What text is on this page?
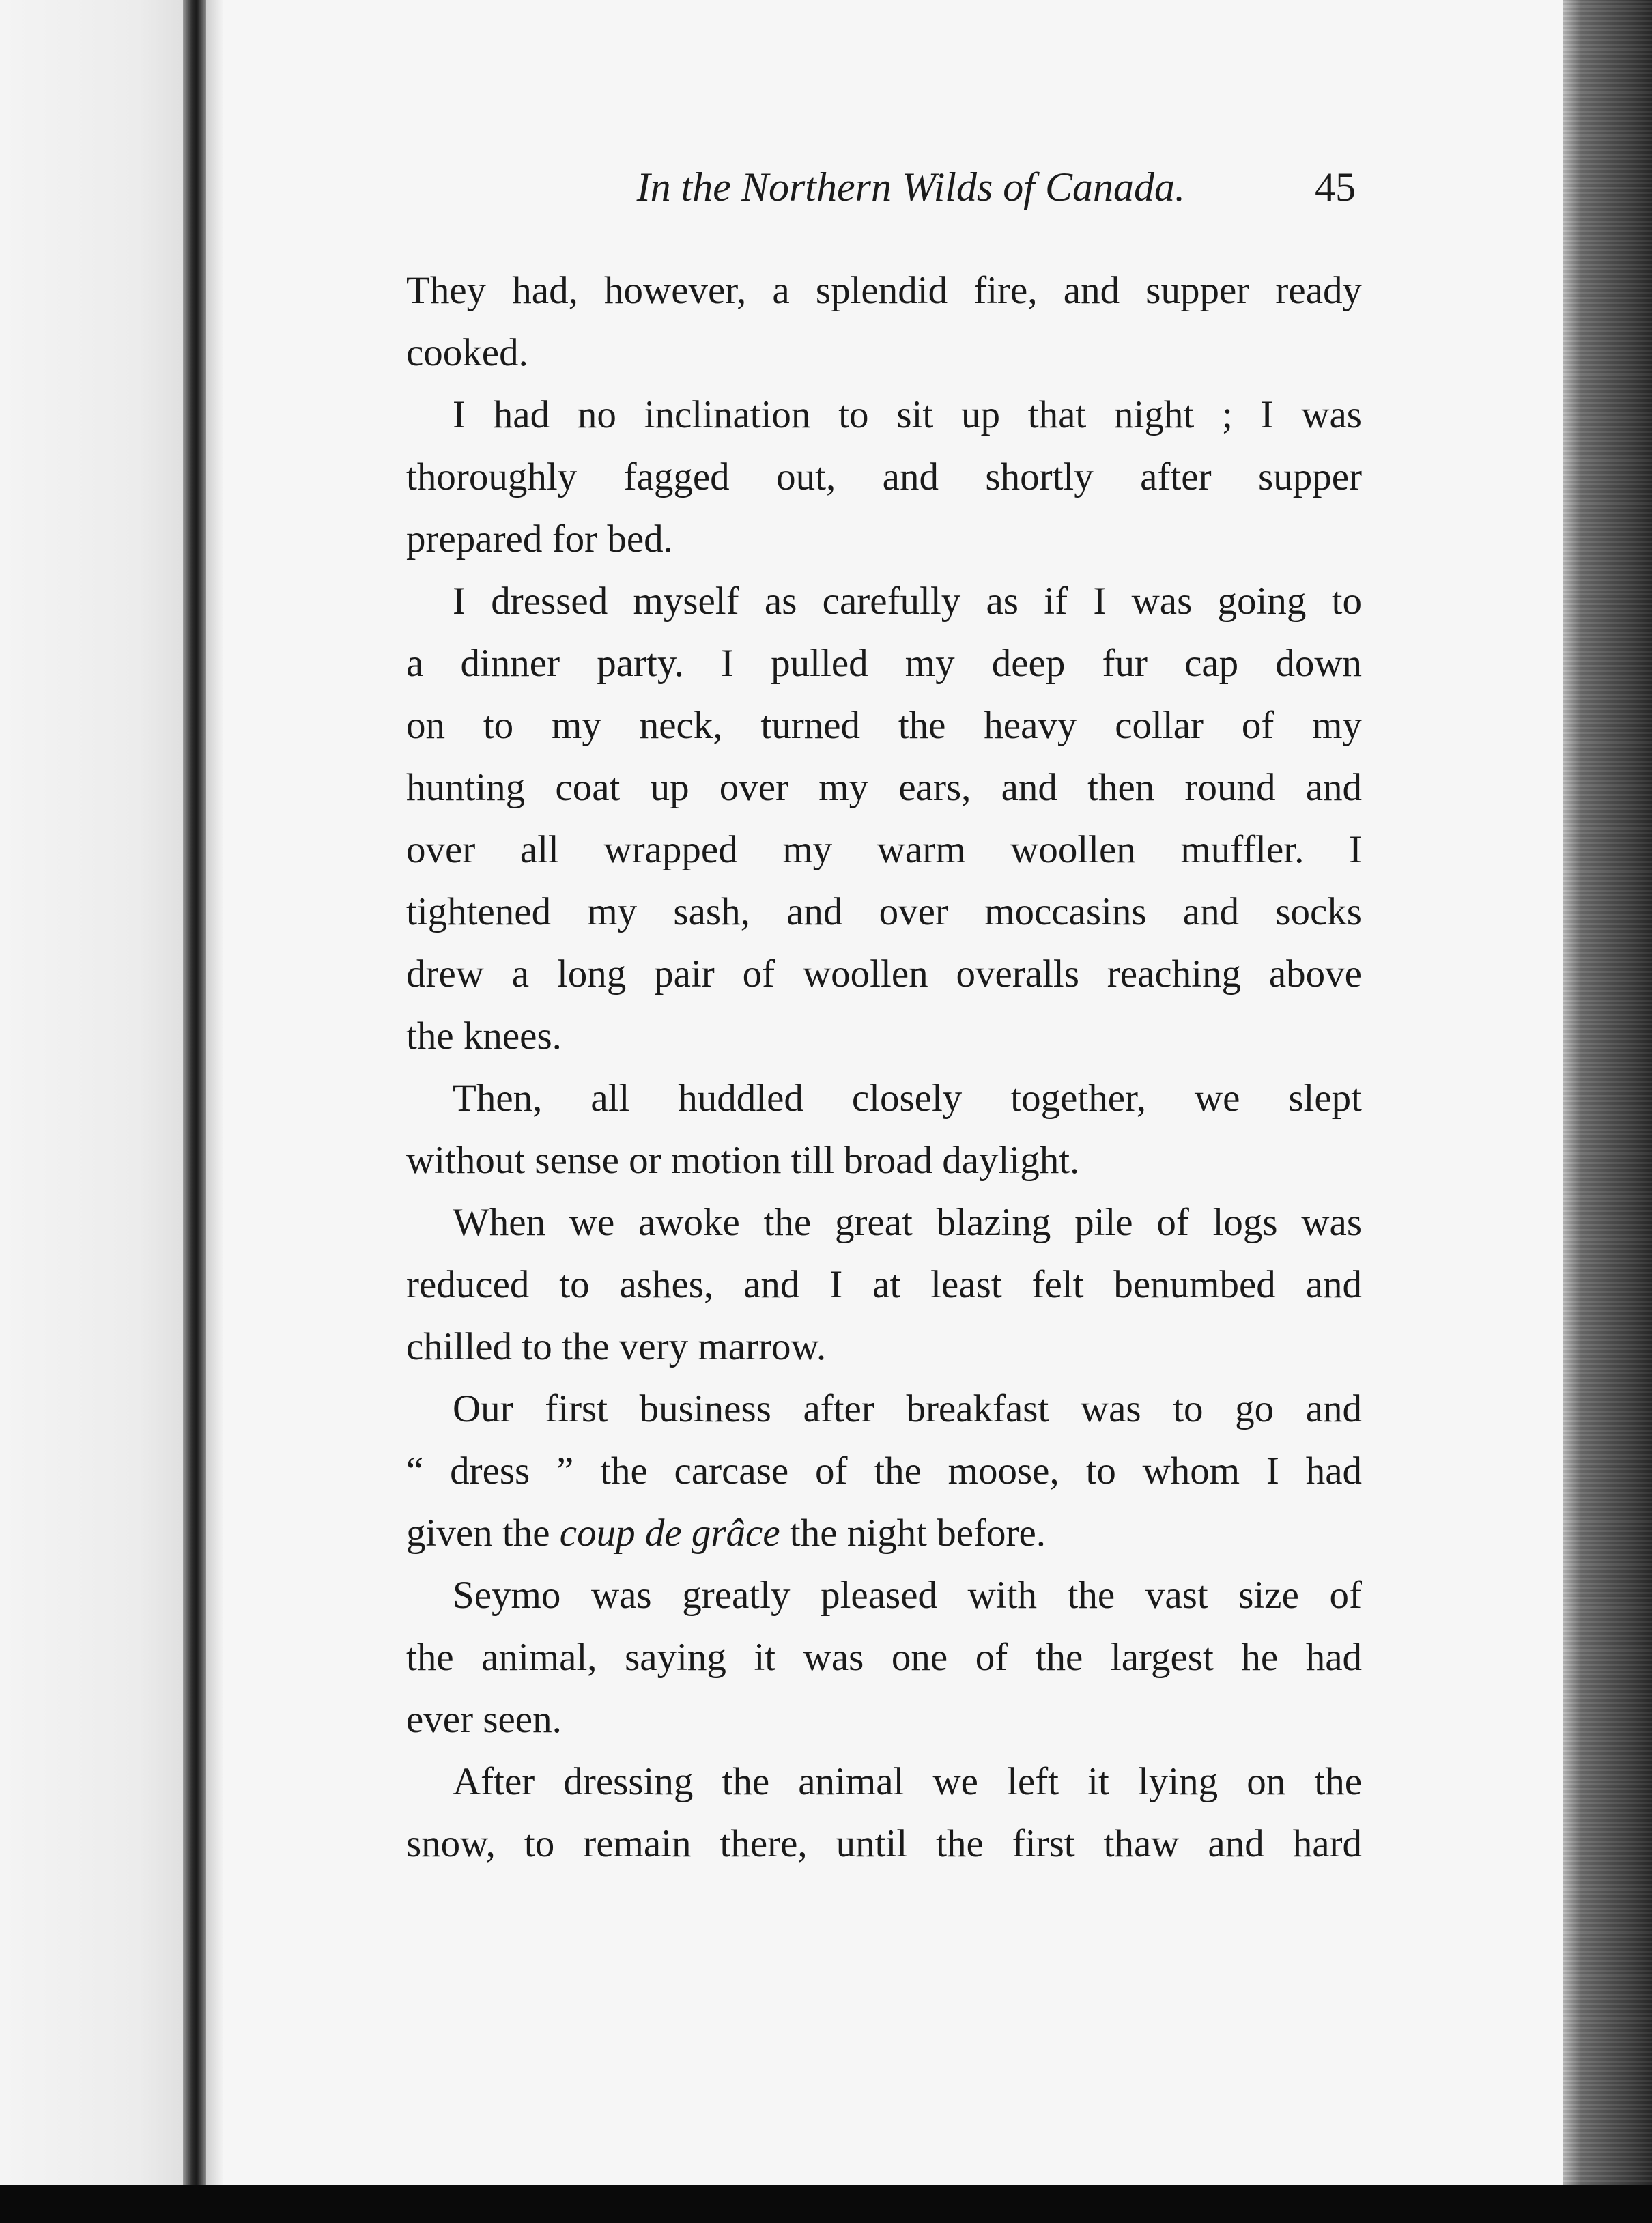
In the Northern Wilds of Canada.	45
They had, however, a splendid fire, and supper ready
cooked.
I had no inclination to sit up that night ; I was
thoroughly fagged out, and shortly after supper
prepared for bed.
I dressed myself as carefully as if I was going to
a dinner party. I pulled my deep fur cap down
on to my neck, turned the heavy collar of my
hunting coat up over my ears, and then round and
over all wrapped my warm woollen muffler. I
tightened my sash, and over moccasins and socks
drew a long pair of woollen overalls reaching above
the knees.
Then, all huddled closely together, we slept
without sense or motion till broad daylight.
When we awoke the great blazing pile of logs was
reduced to ashes, and I at least felt benumbed and
chilled to the very marrow.
Our first business after breakfast was to go and
“ dress ” the carcase of the moose, to whom I had
given the coup de grâce the night before.
Seymo was greatly pleased with the vast size of
the animal, saying it was one of the largest he had
ever seen.
After dressing the animal we left it lying on the
snow, to remain there, until the first thaw and hard
